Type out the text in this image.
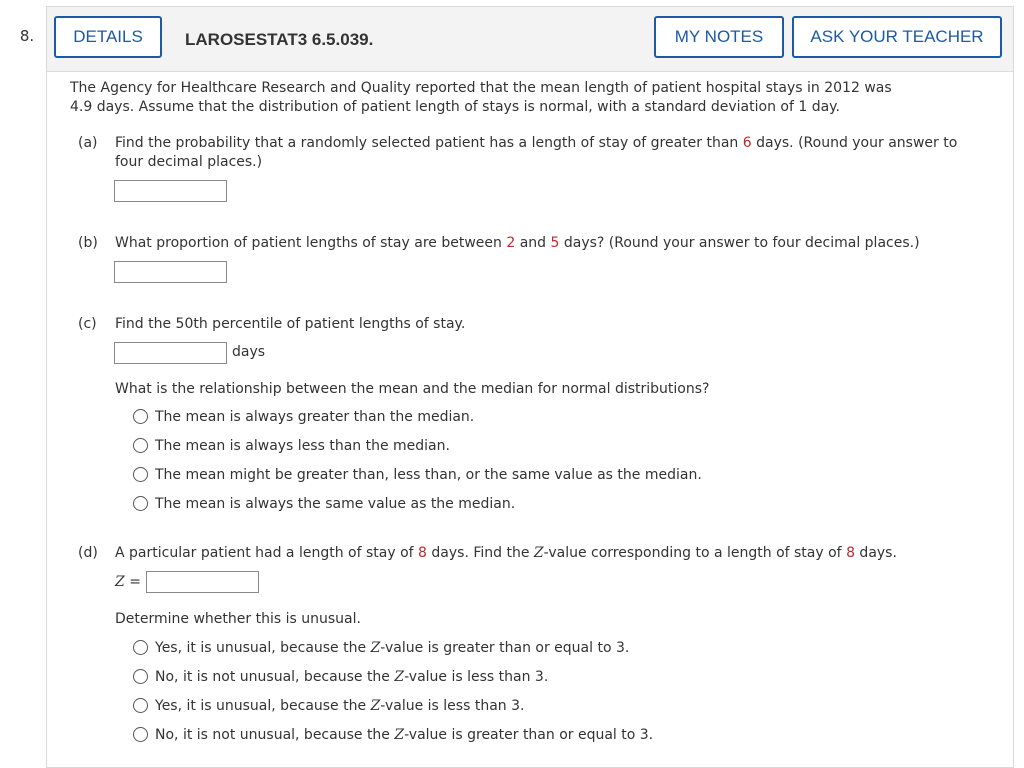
8.	DETAILS	LAROSESTAT3 6.5.039.	MY NOTES	ASK YOUR TEACHER
The Agency for Healthcare Research and Quality reported that the mean length of patient hospital stays in 2012 was
4.9 days. Assume that the distribution of patient length of stays is normal, with a standard deviation of 1 day.
(a) Find the probability that a randomly selected patient has a length of stay of greater than 6 days. (Round your answer to
four decimal places.)
(b) What proportion of patient lengths of stay are between 2 and 5 days? (Round your answer to four decimal places.)
(c) Find the 50th percentile of patient lengths of stay.
days
What is the relationship between the mean and the median for normal distributions?
The mean is always greater than the median.
The mean is always less than the median.
The mean might be greater than, less than, or the same value as the median.
The mean is always the same value as the median.
(d) A particular patient had a length of stay of 8 days. Find the Z-value corresponding to a length of stay of 8 days.
Z =
Determine whether this is unusual.
Yes, it is unusual, because the Z-value is greater than or equal to 3.
No, it is not unusual, because the Z-value is less than 3.
Yes, it is unusual, because the Z-value is less than 3.
No, it is not unusual, because the Z-value is greater than or equal to 3.
